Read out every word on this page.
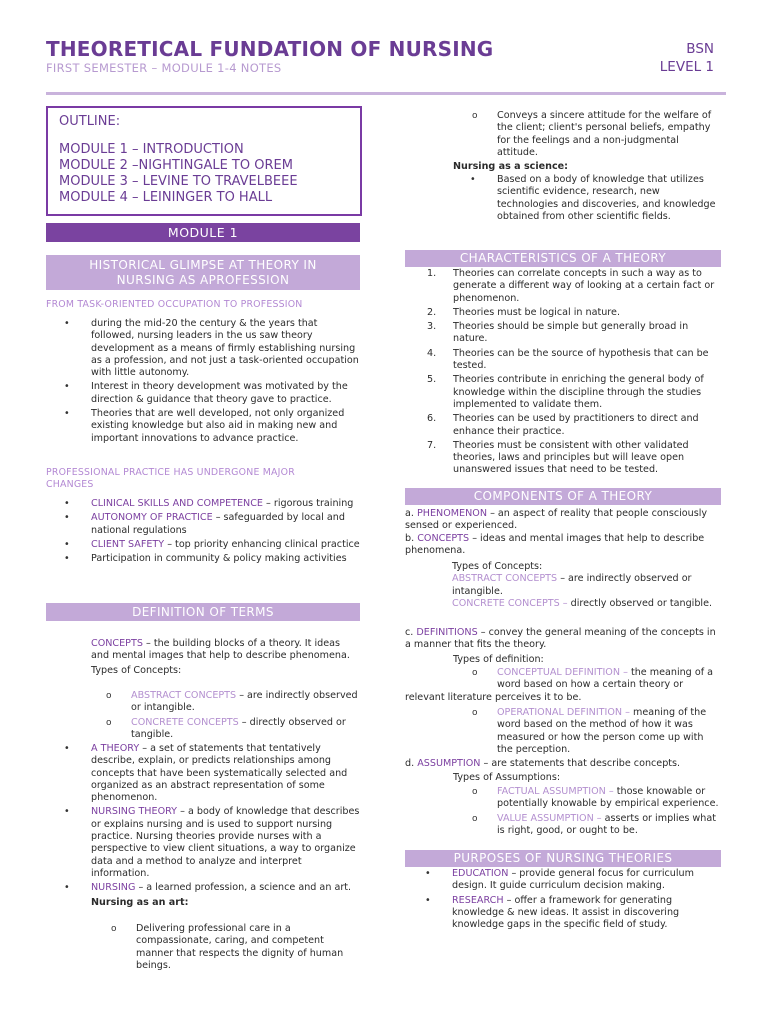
THEORETICAL FUNDATION OF NURSING
FIRST SEMESTER – MODULE 1-4 NOTES
BSN
LEVEL 1
OUTLINE:
MODULE 1 – INTRODUCTION
MODULE 2 –NIGHTINGALE TO OREM
MODULE 3 – LEVINE TO TRAVELBEEE
MODULE 4 – LEININGER TO HALL
MODULE 1
HISTORICAL GLIMPSE AT THEORY IN
NURSING AS APROFESSION
FROM TASK-ORIENTED OCCUPATION TO PROFESSION
• during the mid-20 the century & the years that followed, nursing leaders in the us saw theory development as a means of firmly establishing nursing as a profession, and not just a task-oriented occupation with little autonomy.
• Interest in theory development was motivated by the direction & guidance that theory gave to practice.
• Theories that are well developed, not only organized existing knowledge but also aid in making new and important innovations to advance practice.
PROFESSIONAL PRACTICE HAS UNDERGONE MAJOR
CHANGES
• CLINICAL SKILLS AND COMPETENCE – rigorous training
• AUTONOMY OF PRACTICE – safeguarded by local and national regulations
• CLIENT SAFETY – top priority enhancing clinical practice
• Participation in community & policy making activities
DEFINITION OF TERMS
CONCEPTS – the building blocks of a theory. It ideas and mental images that help to describe phenomena.
Types of Concepts:
o ABSTRACT CONCEPTS – are indirectly observed or intangible.
o CONCRETE CONCEPTS – directly observed or tangible.
• A THEORY – a set of statements that tentatively describe, explain, or predicts relationships among concepts that have been systematically selected and organized as an abstract representation of some phenomenon.
• NURSING THEORY – a body of knowledge that describes or explains nursing and is used to support nursing practice. Nursing theories provide nurses with a perspective to view client situations, a way to organize data and a method to analyze and interpret information.
• NURSING – a learned profession, a science and an art.
Nursing as an art:
o Delivering professional care in a compassionate, caring, and competent manner that respects the dignity of human beings.
o Conveys a sincere attitude for the welfare of the client; client's personal beliefs, empathy for the feelings and a non-judgmental attitude.
Nursing as a science:
• Based on a body of knowledge that utilizes scientific evidence, research, new technologies and discoveries, and knowledge obtained from other scientific fields.
CHARACTERISTICS OF A THEORY
1. Theories can correlate concepts in such a way as to generate a different way of looking at a certain fact or phenomenon.
2. Theories must be logical in nature.
3. Theories should be simple but generally broad in nature.
4. Theories can be the source of hypothesis that can be tested.
5. Theories contribute in enriching the general body of knowledge within the discipline through the studies implemented to validate them.
6. Theories can be used by practitioners to direct and enhance their practice.
7. Theories must be consistent with other validated theories, laws and principles but will leave open unanswered issues that need to be tested.
COMPONENTS OF A THEORY
a. PHENOMENON – an aspect of reality that people consciously sensed or experienced.
b. CONCEPTS – ideas and mental images that help to describe phenomena.
Types of Concepts:
ABSTRACT CONCEPTS – are indirectly observed or intangible.
CONCRETE CONCEPTS – directly observed or tangible.
c. DEFINITIONS – convey the general meaning of the concepts in a manner that fits the theory.
Types of definition:
o CONCEPTUAL DEFINITION – the meaning of a word based on how a certain theory or
relevant literature perceives it to be.
o OPERATIONAL DEFINITION – meaning of the word based on the method of how it was measured or how the person come up with the perception.
d. ASSUMPTION – are statements that describe concepts.
Types of Assumptions:
o FACTUAL ASSUMPTION – those knowable or potentially knowable by empirical experience.
o VALUE ASSUMPTION – asserts or implies what is right, good, or ought to be.
PURPOSES OF NURSING THEORIES
• EDUCATION – provide general focus for curriculum design. It guide curriculum decision making.
• RESEARCH – offer a framework for generating knowledge & new ideas. It assist in discovering knowledge gaps in the specific field of study.
